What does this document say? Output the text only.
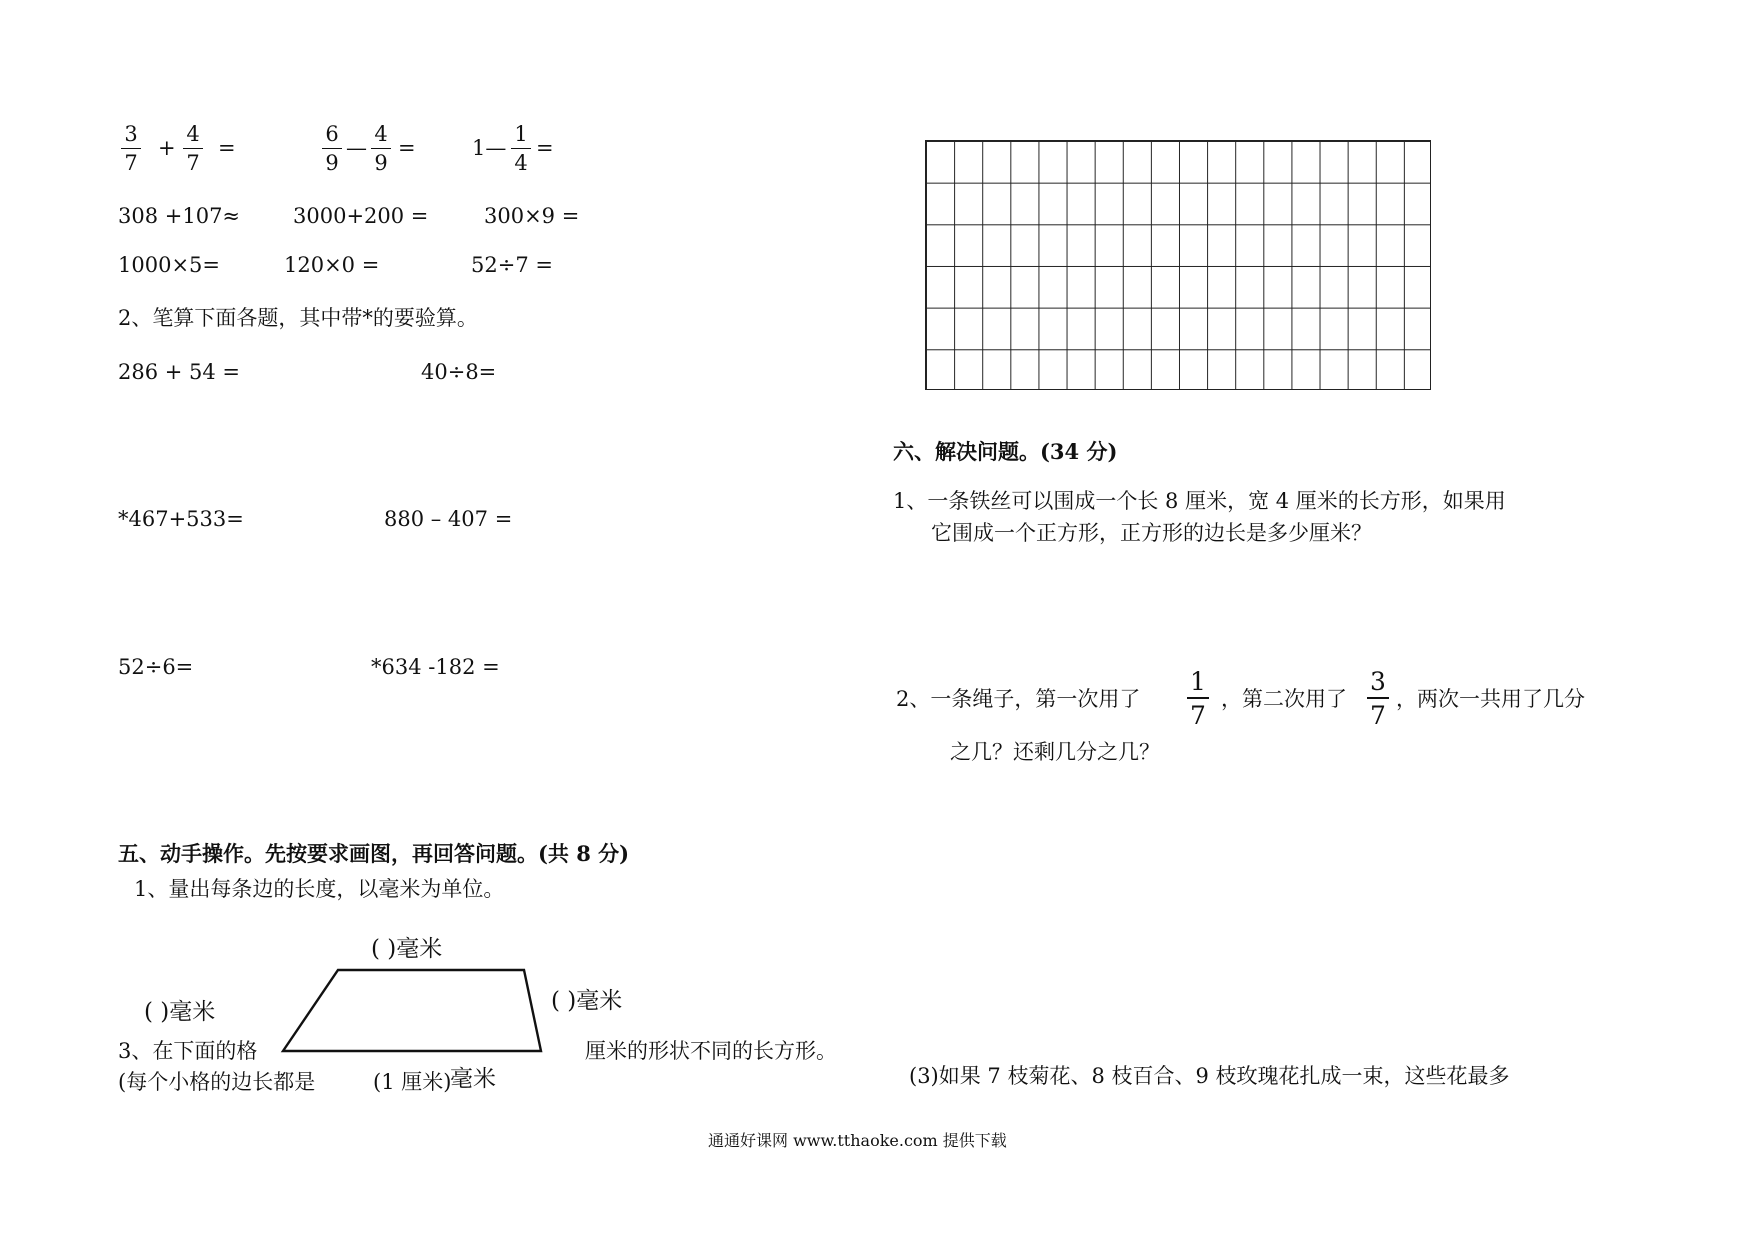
3
7
+
4
7
=
6
9
—
4
9
=	1—
1
4
=
308 +107≈	3000+200 =	300×9 =
1000×5=	120×0 =	52÷7 =
2、笔算下面各题，其中带*的要验算。
286 + 54 =	40÷8=
*467+533=	880 – 407 =
52÷6=	*634 -182 =
五、动手操作。先按要求画图，再回答问题。(共 8 分)
1、量出每条边的长度，以毫米为单位。
( )毫米
( )毫米	( )毫米
3、在下面的格	厘米的形状不同的长方形。
(每个小格的边长都是	(1 厘米)
毫米
六、解决问题。(34 分)
1、一条铁丝可以围成一个长 8 厘米，宽 4 厘米的长方形，如果用
它围成一个正方形，正方形的边长是多少厘米？
2、一条绳子，第一次用了
1
7
，第二次用了
3
7
，两次一共用了几分
之几？还剩几分之几？
(3)如果 7 枝菊花、8 枝百合、9 枝玫瑰花扎成一束，这些花最多
通通好课网 www.tthaoke.com 提供下载
